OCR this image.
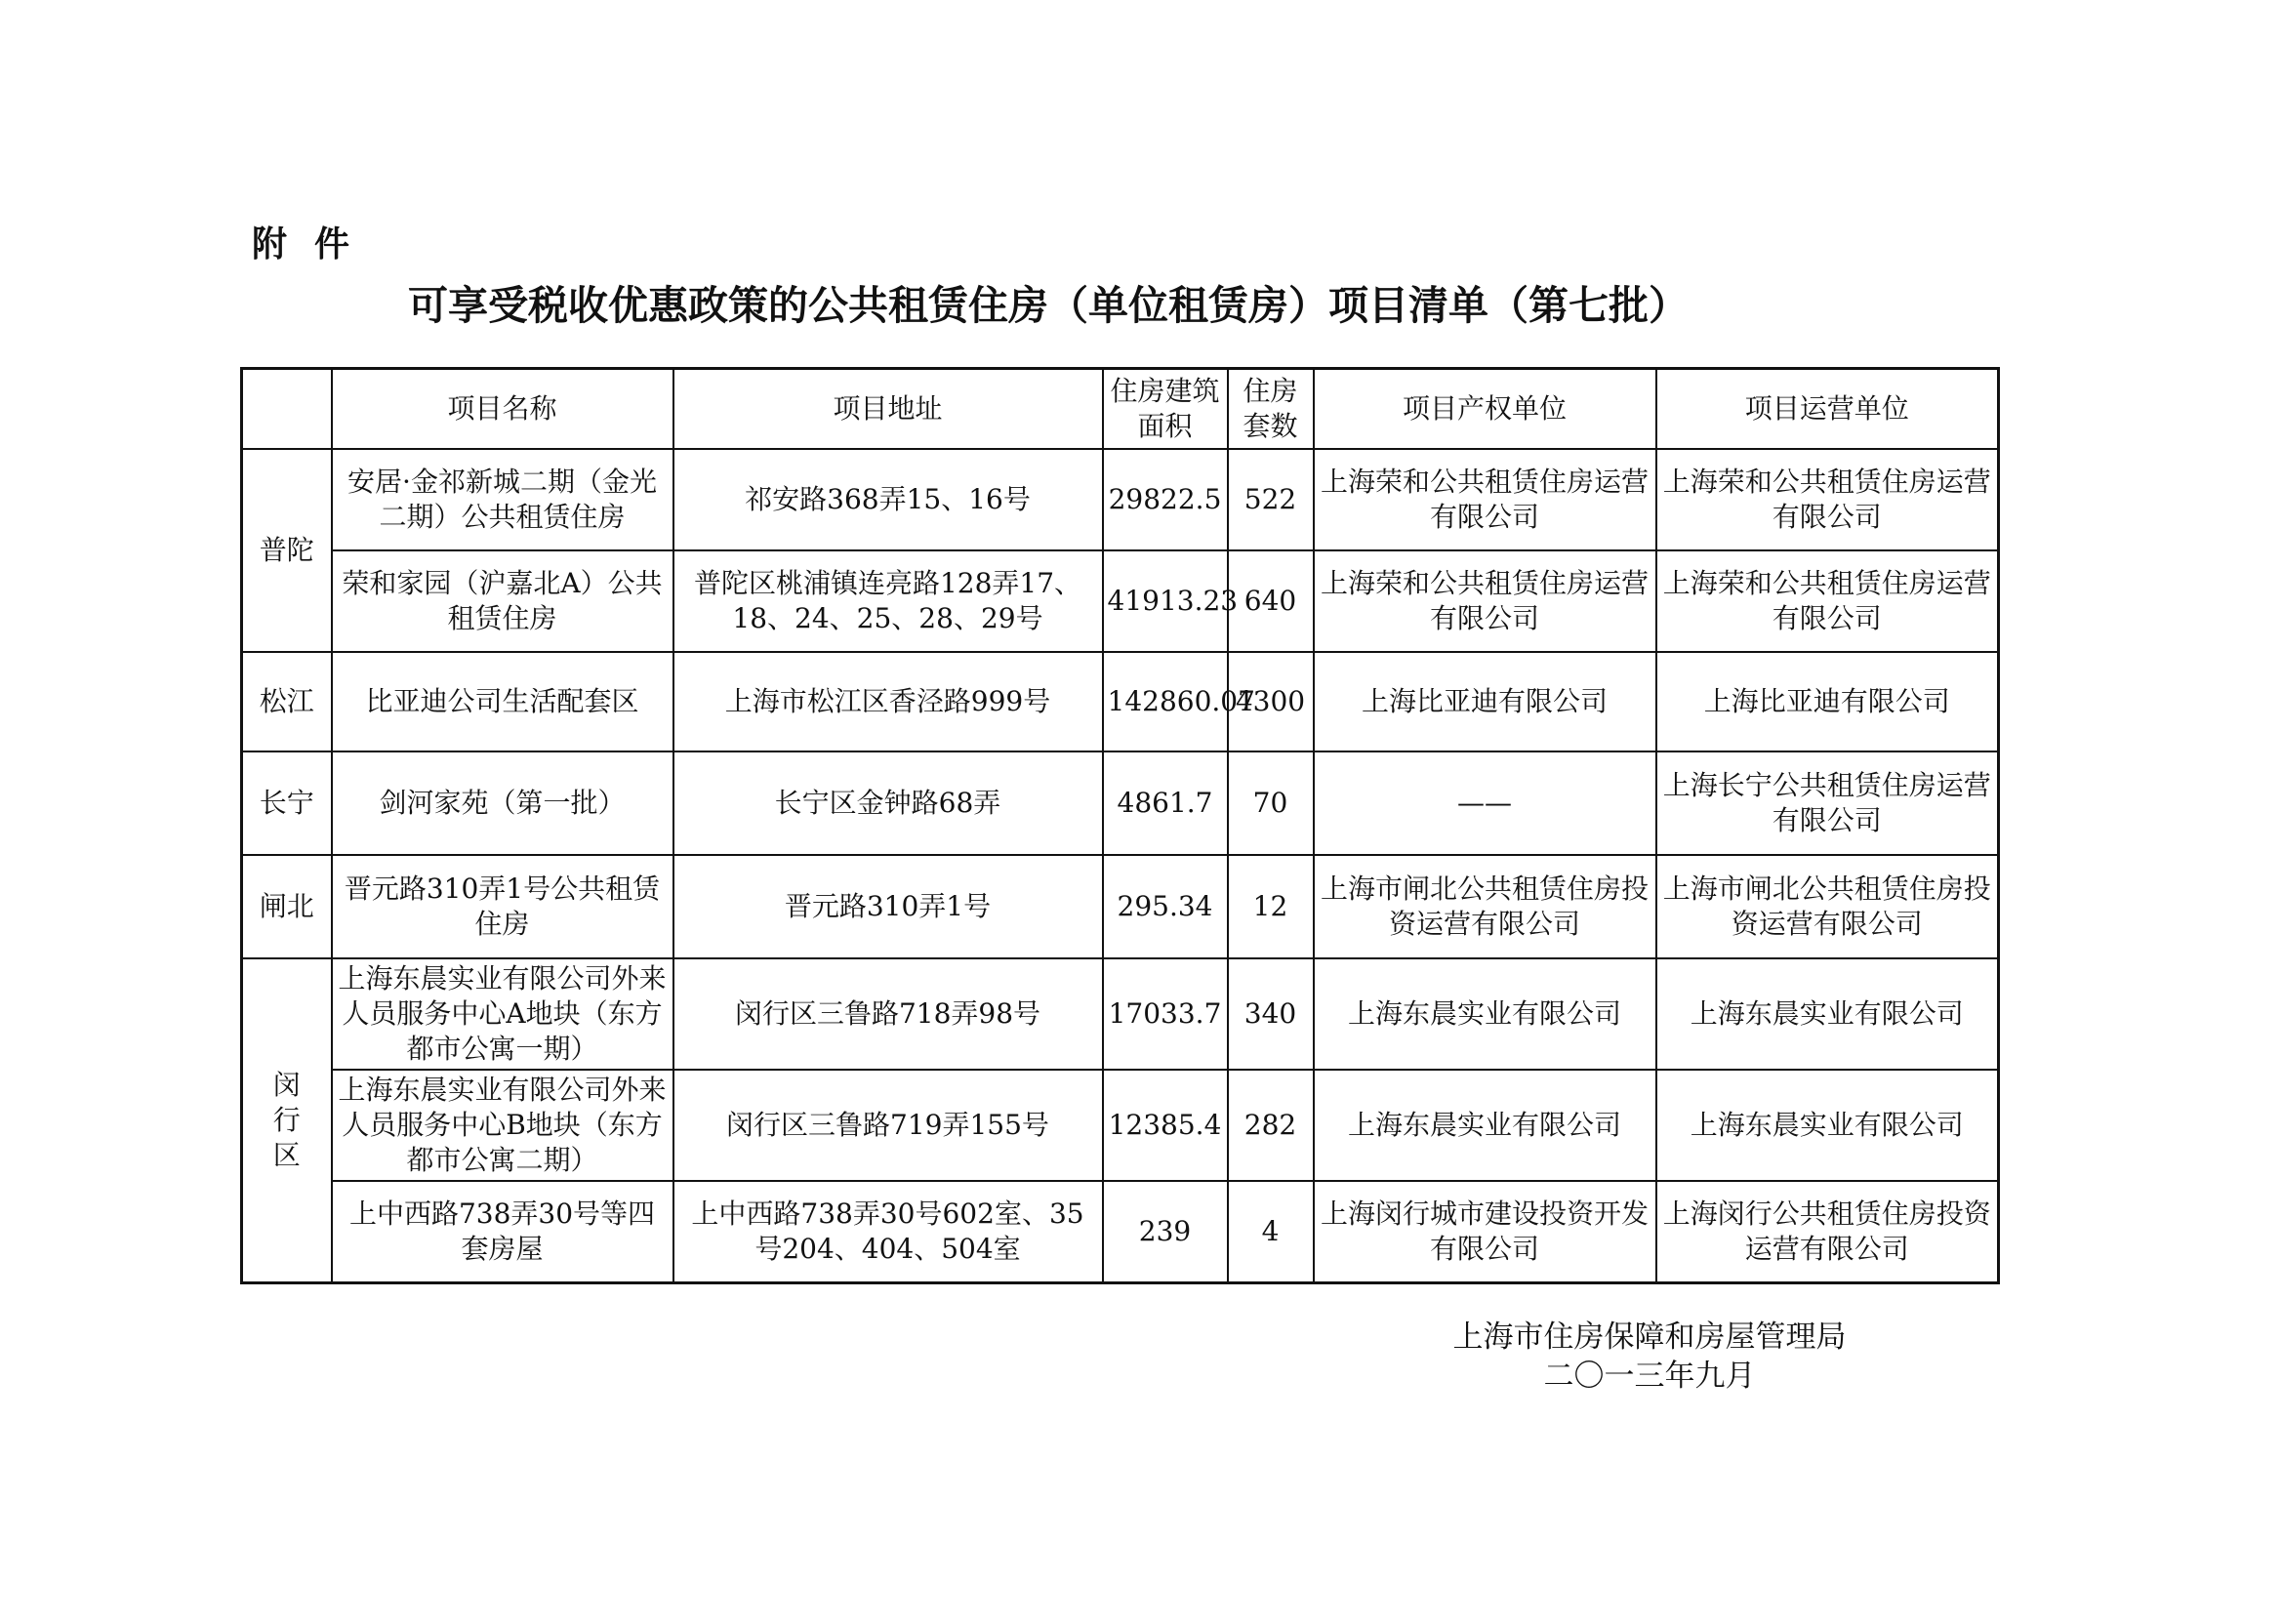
附件
可享受税收优惠政策的公共租赁住房（单位租赁房）项目清单（第七批）
	项目名称	项目地址	住房建筑面积	住房套数	项目产权单位	项目运营单位
普陀	安居·金祁新城二期（金光二期）公共租赁住房	祁安路368弄15、16号	29822.5	522	上海荣和公共租赁住房运营有限公司	上海荣和公共租赁住房运营有限公司
	荣和家园（沪嘉北A）公共租赁住房	普陀区桃浦镇连亮路128弄17、18、24、25、28、29号	41913.23	640	上海荣和公共租赁住房运营有限公司	上海荣和公共租赁住房运营有限公司
松江	比亚迪公司生活配套区	上海市松江区香泾路999号	142860.07	4300	上海比亚迪有限公司	上海比亚迪有限公司
长宁	剑河家苑（第一批）	长宁区金钟路68弄	4861.7	70	——	上海长宁公共租赁住房运营有限公司
闸北	晋元路310弄1号公共租赁住房	晋元路310弄1号	295.34	12	上海市闸北公共租赁住房投资运营有限公司	上海市闸北公共租赁住房投资运营有限公司
闵行区	上海东晨实业有限公司外来人员服务中心A地块（东方都市公寓一期）	闵行区三鲁路718弄98号	17033.7	340	上海东晨实业有限公司	上海东晨实业有限公司
	上海东晨实业有限公司外来人员服务中心B地块（东方都市公寓二期）	闵行区三鲁路719弄155号	12385.4	282	上海东晨实业有限公司	上海东晨实业有限公司
	上中西路738弄30号等四套房屋	上中西路738弄30号602室、35号204、404、504室	239	4	上海闵行城市建设投资开发有限公司	上海闵行公共租赁住房投资运营有限公司
上海市住房保障和房屋管理局
二〇一三年九月
